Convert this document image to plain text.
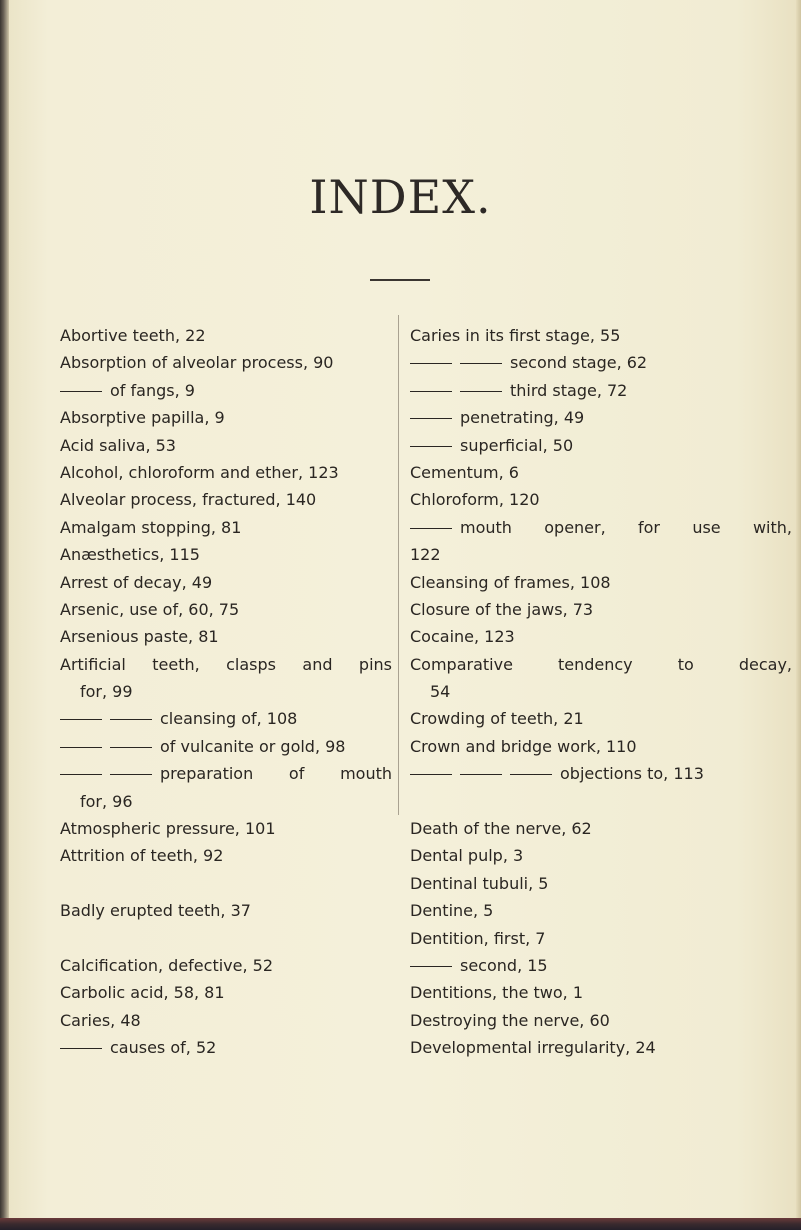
INDEX.
Abortive teeth, 22
Absorption of alveolar process, 90
of fangs, 9
Absorptive papilla, 9
Acid saliva, 53
Alcohol, chloroform and ether, 123
Alveolar process, fractured, 140
Amalgam stopping, 81
Anæsthetics, 115
Arrest of decay, 49
Arsenic, use of, 60, 75
Arsenious paste, 81
Artificial teeth, clasps and pins
for, 99
cleansing of, 108
of vulcanite or gold, 98
preparation of mouth
for, 96
Atmospheric pressure, 101
Attrition of teeth, 92
Badly erupted teeth, 37
Calcification, defective, 52
Carbolic acid, 58, 81
Caries, 48
causes of, 52
Caries in its first stage, 55
second stage, 62
third stage, 72
penetrating, 49
superficial, 50
Cementum, 6
Chloroform, 120
mouth opener, for use with,
122
Cleansing of frames, 108
Closure of the jaws, 73
Cocaine, 123
Comparative tendency to decay,
54
Crowding of teeth, 21
Crown and bridge work, 110
objections to, 113
Death of the nerve, 62
Dental pulp, 3
Dentinal tubuli, 5
Dentine, 5
Dentition, first, 7
second, 15
Dentitions, the two, 1
Destroying the nerve, 60
Developmental irregularity, 24
